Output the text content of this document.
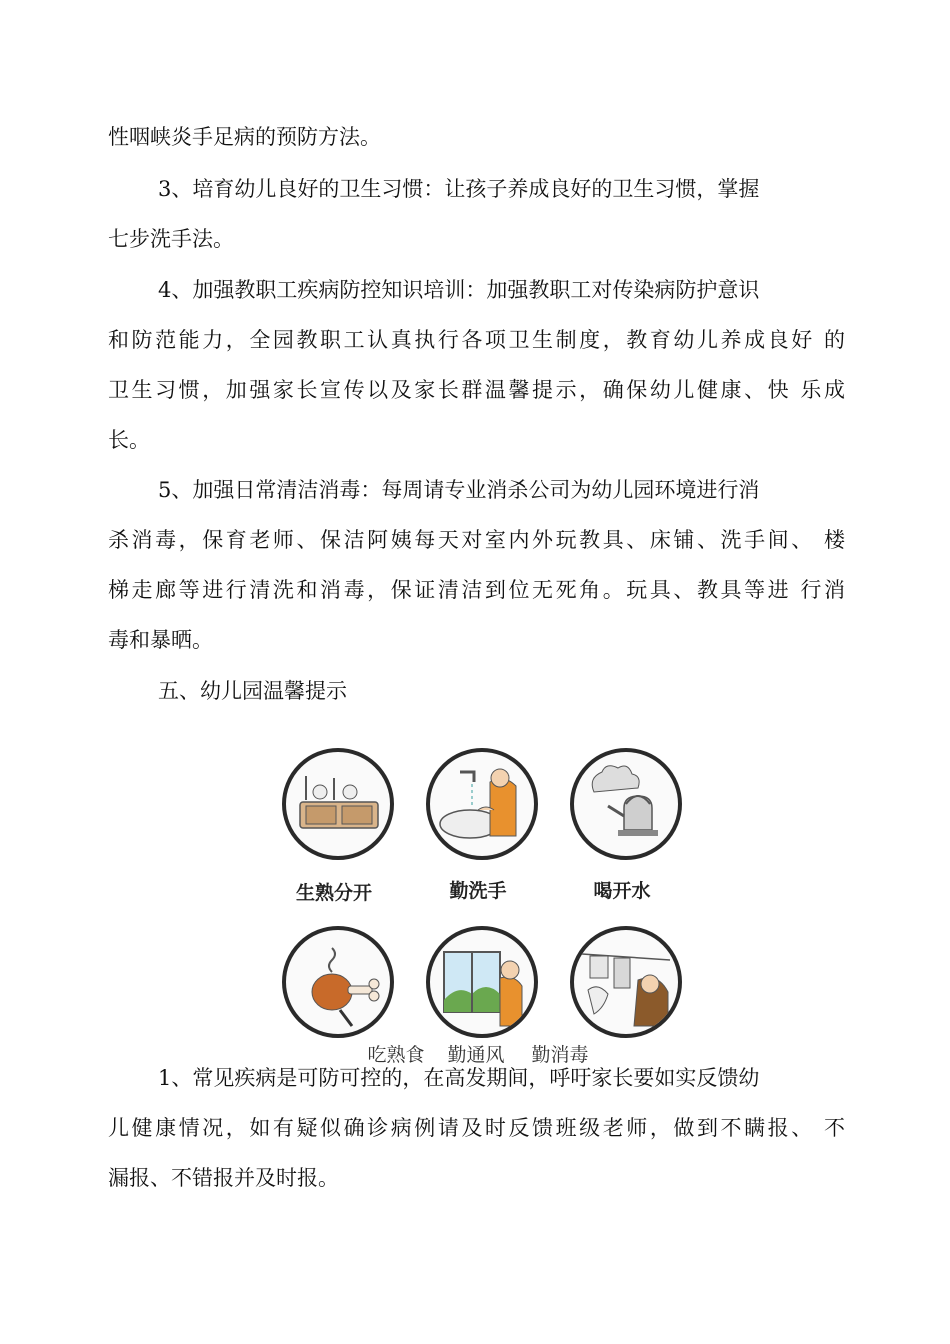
性咽峡炎手足病的预防方法。
3、培育幼儿良好的卫生习惯：让孩子养成良好的卫生习惯，掌握
七步洗手法。
4、加强教职工疾病防控知识培训：加强教职工对传染病防护意识
和防范能力，全园教职工认真执行各项卫生制度，教育幼儿养成良好 的
卫生习惯，加强家长宣传以及家长群温馨提示，确保幼儿健康、快 乐成
长。
5、加强日常清洁消毒：每周请专业消杀公司为幼儿园环境进行消
杀消毒，保育老师、保洁阿姨每天对室内外玩教具、床铺、洗手间、 楼
梯走廊等进行清洗和消毒，保证清洁到位无死角。玩具、教具等进 行消
毒和暴晒。
五、幼儿园温馨提示
生熟分开	勤洗手	喝开水
吃熟食	勤通风	勤消毒
1、常见疾病是可防可控的，在高发期间，呼吁家长要如实反馈幼
儿健康情况，如有疑似确诊病例请及时反馈班级老师，做到不瞒报、 不
漏报、不错报并及时报。
